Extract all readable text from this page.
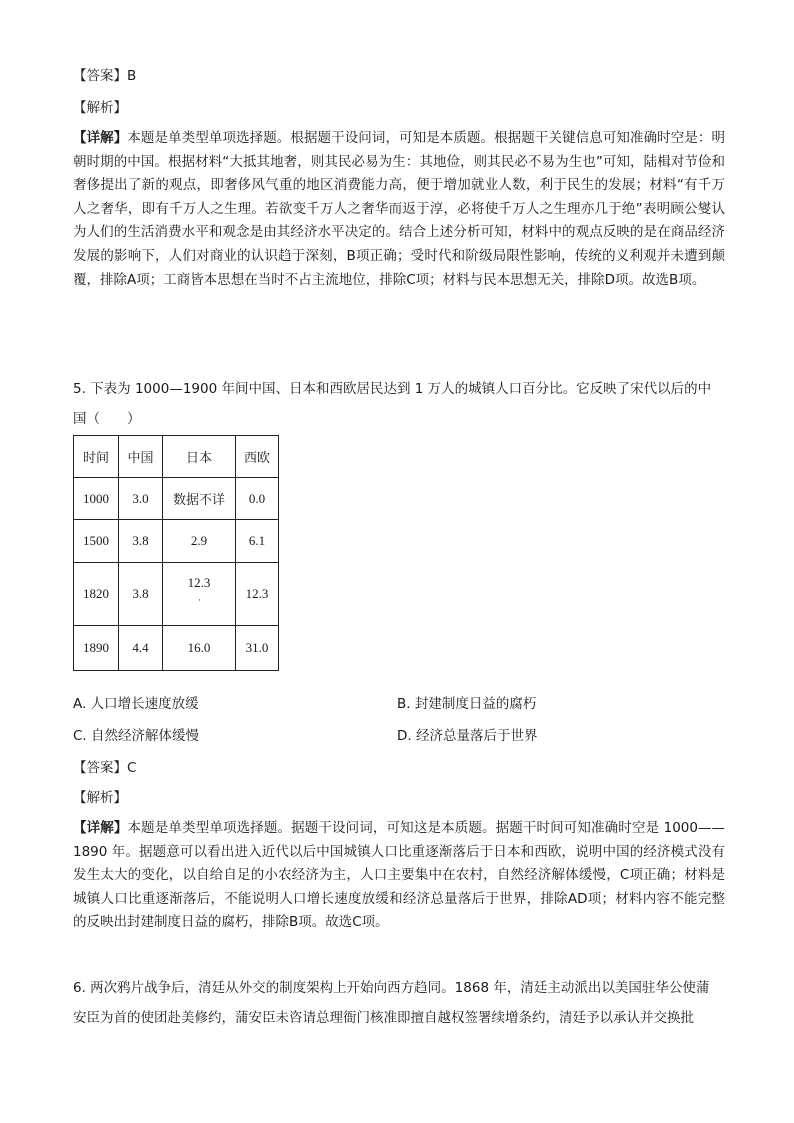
【答案】B
【解析】
【详解】本题是单类型单项选择题。根据题干设问词，可知是本质题。根据题干关键信息可知准确时空是：明朝时期的中国。根据材料“大抵其地奢，则其民必易为生：其地俭，则其民必不易为生也”可知，陆楫对节俭和奢侈提出了新的观点，即奢侈风气重的地区消费能力高，便于增加就业人数，利于民生的发展；材料“有千万人之奢华，即有千万人之生理。若欲变千万人之奢华而返于淳，必将使千万人之生理亦几于绝”表明顾公燮认为人们的生活消费水平和观念是由其经济水平决定的。结合上述分析可知，材料中的观点反映的是在商品经济发展的影响下，人们对商业的认识趋于深刻，B项正确；受时代和阶级局限性影响，传统的义利观并未遭到颠覆，排除A项；工商皆本思想在当时不占主流地位，排除C项；材料与民本思想无关，排除D项。故选B项。
5. 下表为 1000—1900 年间中国、日本和西欧居民达到 1 万人的城镇人口百分比。它反映了宋代以后的中
国（　　）
时间	中国	日本	西欧
1000	3.0	数据不详	0.0
1500	3.8	2.9	6.1
1820	3.8	12.3	12.3
1890	4.4	16.0	31.0
·
A. 人口增长速度放缓	B. 封建制度日益的腐朽
C. 自然经济解体缓慢	D. 经济总量落后于世界
【答案】C
【解析】
【详解】本题是单类型单项选择题。据题干设问词，可知这是本质题。据题干时间可知准确时空是 1000——1890 年。据题意可以看出进入近代以后中国城镇人口比重逐渐落后于日本和西欧，说明中国的经济模式没有发生太大的变化，以自给自足的小农经济为主，人口主要集中在农村，自然经济解体缓慢，C项正确；材料是城镇人口比重逐渐落后，不能说明人口增长速度放缓和经济总量落后于世界，排除AD项；材料内容不能完整的反映出封建制度日益的腐朽，排除B项。故选C项。
6. 两次鸦片战争后，清廷从外交的制度架构上开始向西方趋同。1868 年，清廷主动派出以美国驻华公使蒲
安臣为首的使团赴美修约，蒲安臣未咨请总理衙门核准即擅自越权签署续增条约，清廷予以承认并交换批
